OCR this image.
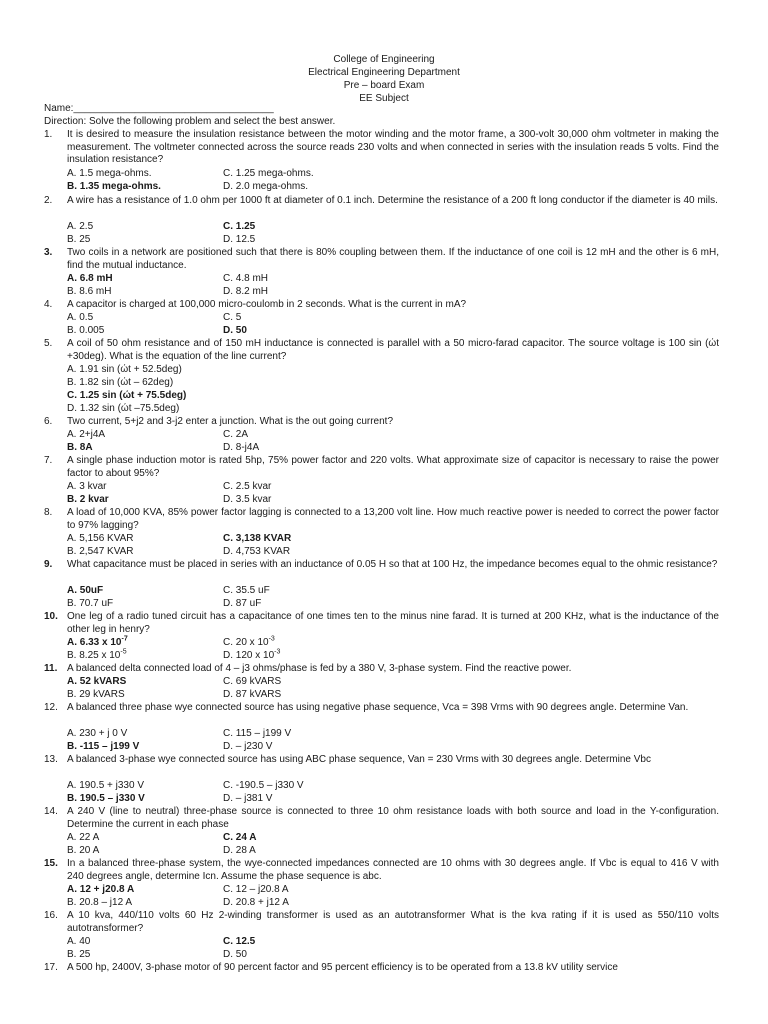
College of Engineering
Electrical Engineering Department
Pre – board Exam
EE Subject
Name:____________________________________
Direction: Solve the following problem and select the best answer.
1. It is desired to measure the insulation resistance between the motor winding and the motor frame, a 300-volt 30,000 ohm voltmeter in making the measurement. The voltmeter connected across the source reads 230 volts and when connected in series with the insulation reads 5 volts. Find the insulation resistance?
A. 1.5 mega-ohms.	C. 1.25 mega-ohms.
B. 1.35 mega-ohms.	D. 2.0 mega-ohms.
2. A wire has a resistance of 1.0 ohm per 1000 ft at diameter of 0.1 inch. Determine the resistance of a 200 ft long conductor if the diameter is 40 mils.
A. 2.5	C. 1.25
B. 25	D. 12.5
3. Two coils in a network are positioned such that there is 80% coupling between them. If the inductance of one coil is 12 mH and the other is 6 mH, find the mutual inductance.
A. 6.8 mH	C. 4.8 mH
B. 8.6 mH	D. 8.2 mH
4. A capacitor is charged at 100,000 micro-coulomb in 2 seconds. What is the current in mA?
A. 0.5	C. 5
B. 0.005	D. 50
5. A coil of 50 ohm resistance and of 150 mH inductance is connected is parallel with a 50 micro-farad capacitor. The source voltage is 100 sin (ώt +30deg). What is the equation of the line current?
A. 1.91 sin (ώt + 52.5deg)
B. 1.82 sin (ώt – 62deg)
C. 1.25 sin (ώt + 75.5deg)
D. 1.32 sin (ώt –75.5deg)
6. Two current, 5+j2 and 3-j2 enter a junction. What is the out going current?
A. 2+j4A	C. 2A
B. 8A	D. 8-j4A
7. A single phase induction motor is rated 5hp, 75% power factor and 220 volts. What approximate size of capacitor is necessary to raise the power factor to about 95%?
A. 3 kvar	C. 2.5 kvar
B. 2 kvar	D. 3.5 kvar
8. A load of 10,000 KVA, 85% power factor lagging is connected to a 13,200 volt line. How much reactive power is needed to correct the power factor to 97% lagging?
A. 5,156 KVAR	C. 3,138 KVAR
B. 2,547 KVAR	D. 4,753 KVAR
9. What capacitance must be placed in series with an inductance of 0.05 H so that at 100 Hz, the impedance becomes equal to the ohmic resistance?
A. 50uF	C. 35.5 uF
B. 70.7 uF	D. 87 uF
10. One leg of a radio tuned circuit has a capacitance of one times ten to the minus nine farad. It is turned at 200 KHz, what is the inductance of the other leg in henry?
A. 6.33 x $10^{-7}$	C. 20 x $10^{-3}$
B. 8.25 x $10^{-5}$	D. 120 x $10^{-3}$
11. A balanced delta connected load of 4 – j3 ohms/phase is fed by a 380 V, 3-phase system. Find the reactive power.
A. 52 kVARS	C. 69 kVARS
B. 29 kVARS	D. 87 kVARS
12. A balanced three phase wye connected source has using negative phase sequence, Vca = 398 Vrms with 90 degrees angle. Determine Van.
A. 230 + j 0 V	C. 115 – j199 V
B. -115 – j199 V	D. – j230 V
13. A balanced 3-phase wye connected source has using ABC phase sequence, Van = 230 Vrms with 30 degrees angle. Determine Vbc
A. 190.5 + j330 V	C. -190.5 – j330 V
B. 190.5 – j330 V	D. – j381 V
14. A 240 V (line to neutral) three-phase source is connected to three 10 ohm resistance loads with both source and load in the Y-configuration. Determine the current in each phase
A. 22 A	C. 24 A
B. 20 A	D. 28 A
15. In a balanced three-phase system, the wye-connected impedances connected are 10 ohms with 30 degrees angle. If Vbc is equal to 416 V with 240 degrees angle, determine Icn. Assume the phase sequence is abc.
A. 12 + j20.8 A	C. 12 – j20.8 A
B. 20.8 – j12 A	D. 20.8 + j12 A
16. A 10 kva, 440/110 volts 60 Hz 2-winding transformer is used as an autotransformer What is the kva rating if it is used as 550/110 volts autotransformer?
A. 40	C. 12.5
B. 25	D. 50
17. A 500 hp, 2400V, 3-phase motor of 90 percent factor and 95 percent efficiency is to be operated from a 13.8 kV utility service
